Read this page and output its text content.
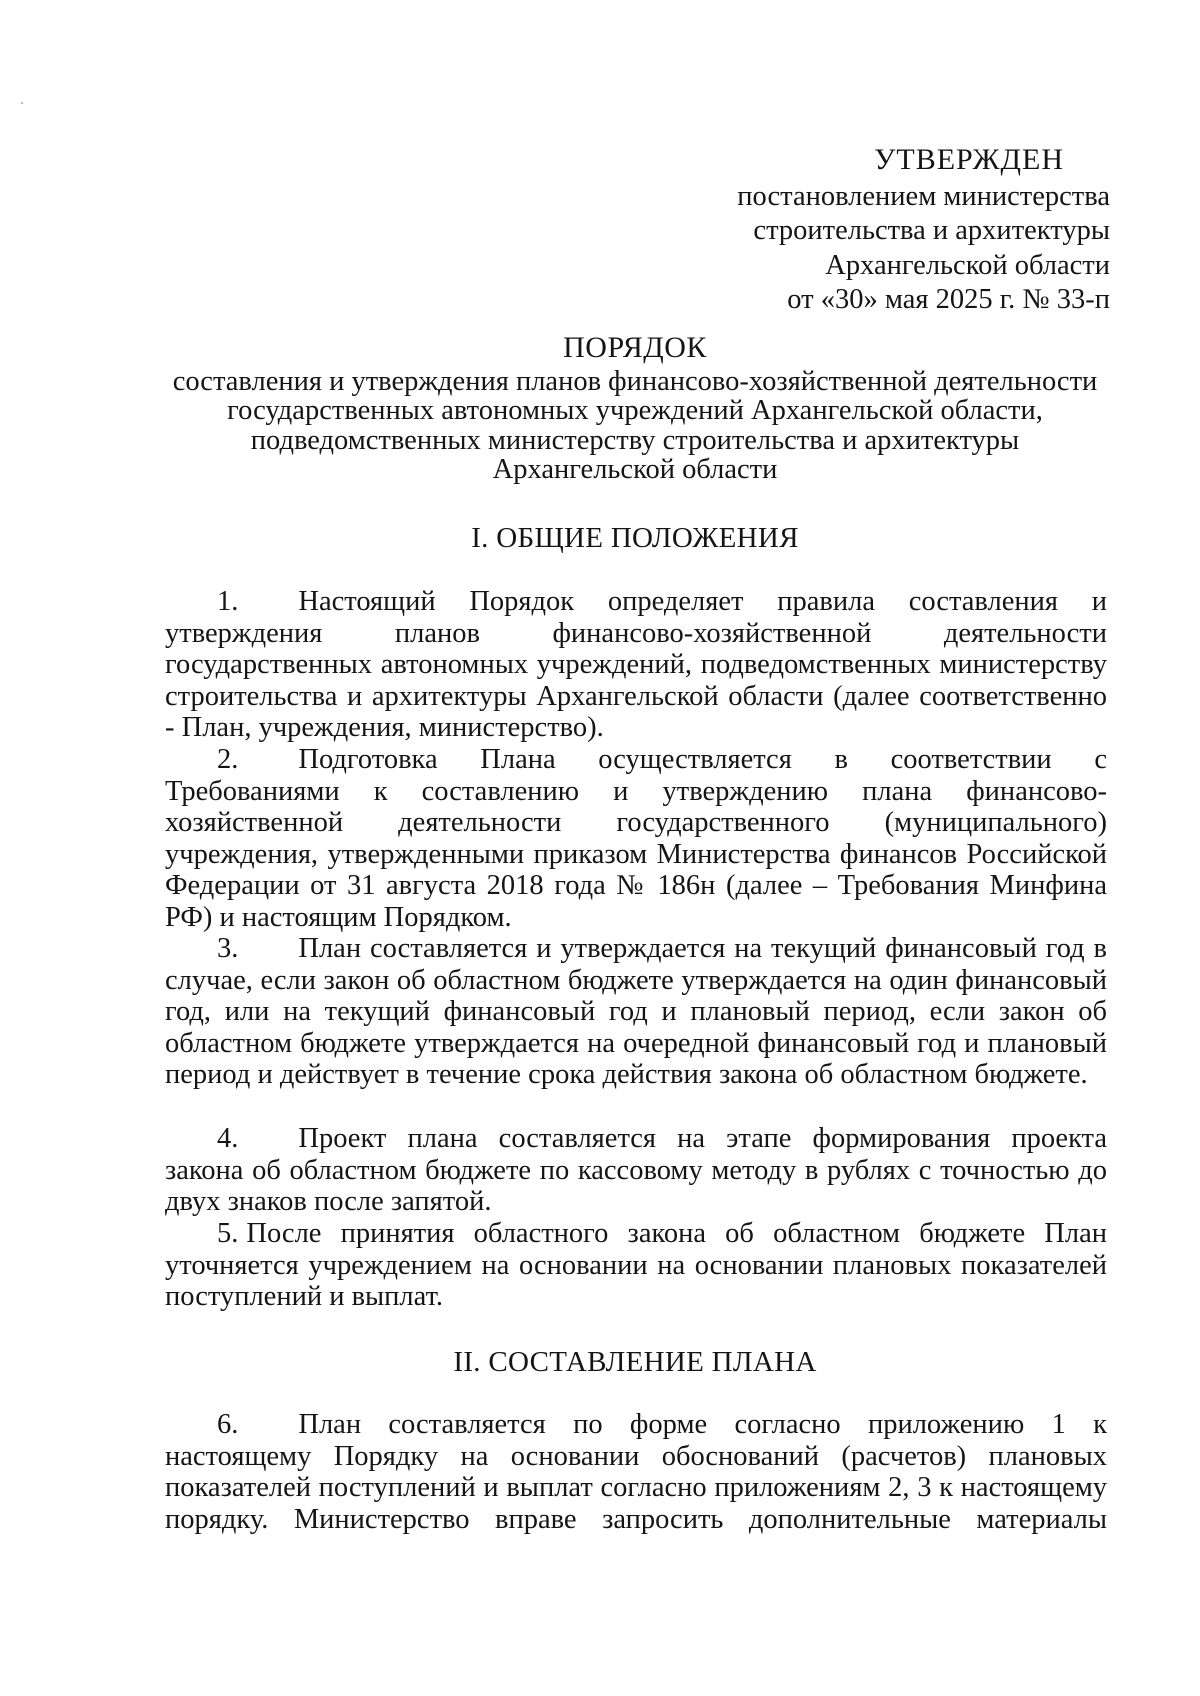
УТВЕРЖДЕН
постановлением министерства
строительства и архитектуры
Архангельской области
от «30» мая 2025 г. № 33-п
ПОРЯДОК
составления и утверждения планов финансово-хозяйственной деятельности
государственных автономных учреждений Архангельской области,
подведомственных министерству строительства и архитектуры
Архангельской области
I. ОБЩИЕ ПОЛОЖЕНИЯ
1. Настоящий Порядок определяет правила составления и утверждения планов финансово-хозяйственной деятельности государственных автономных учреждений, подведомственных министерству строительства и архитектуры Архангельской области (далее соответственно - План, учреждения, министерство).
2. Подготовка Плана осуществляется в соответствии с Требованиями к составлению и утверждению плана финансово-хозяйственной деятельности государственного (муниципального) учреждения, утвержденными приказом Министерства финансов Российской Федерации от 31 августа 2018 года № 186н (далее – Требования Минфина РФ) и настоящим Порядком.
3. План составляется и утверждается на текущий финансовый год в случае, если закон об областном бюджете утверждается на один финансовый год, или на текущий финансовый год и плановый период, если закон об областном бюджете утверждается на очередной финансовый год и плановый период и действует в течение срока действия закона об областном бюджете.
4. Проект плана составляется на этапе формирования проекта закона об областном бюджете по кассовому методу в рублях с точностью до двух знаков после запятой.
5. После принятия областного закона об областном бюджете План уточняется учреждением на основании на основании плановых показателей поступлений и выплат.
II. СОСТАВЛЕНИЕ ПЛАНА
6. План составляется по форме согласно приложению 1 к настоящему Порядку на основании обоснований (расчетов) плановых показателей поступлений и выплат согласно приложениям 2, 3 к настоящему порядку. Министерство вправе запросить дополнительные материалы
